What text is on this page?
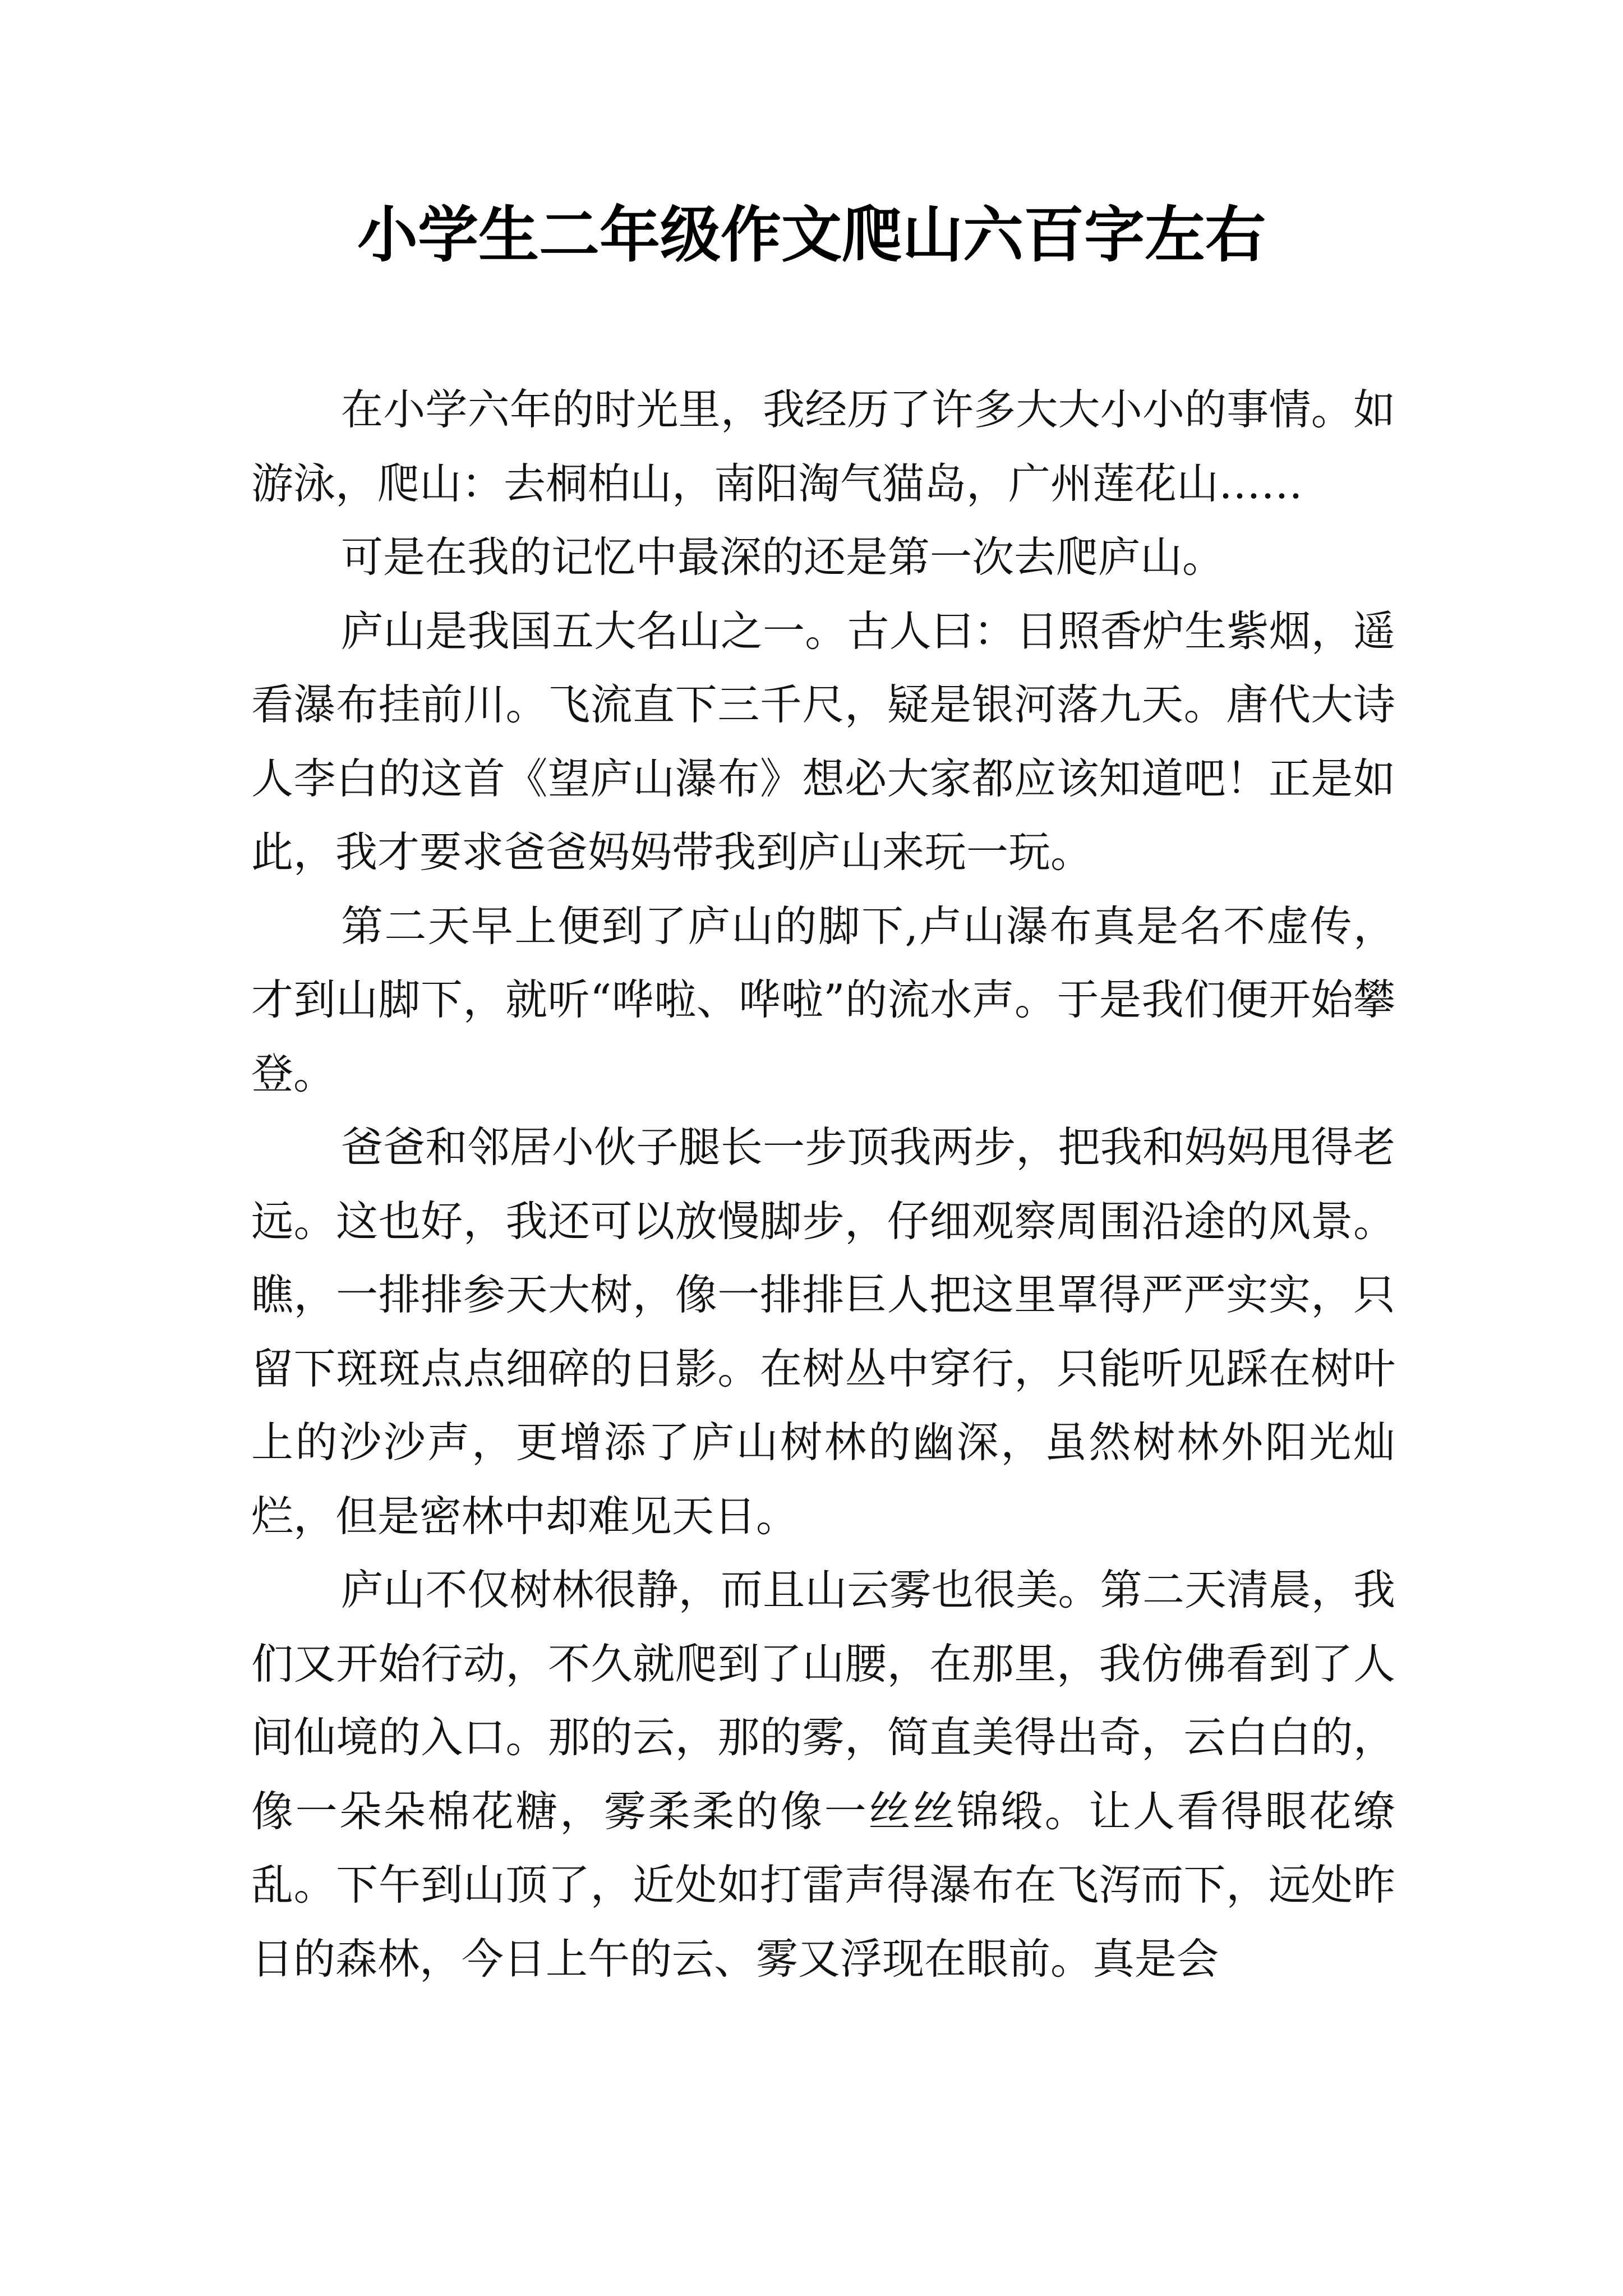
小学生二年级作文爬山六百字左右

在小学六年的时光里，我经历了许多大大小小的事情。如游泳，爬山：去桐柏山，南阳淘气猫岛，广州莲花山……

可是在我的记忆中最深的还是第一次去爬庐山。

庐山是我国五大名山之一。古人曰：日照香炉生紫烟，遥看瀑布挂前川。飞流直下三千尺，疑是银河落九天。唐代大诗人李白的这首《望庐山瀑布》想必大家都应该知道吧！正是如此，我才要求爸爸妈妈带我到庐山来玩一玩。

第二天早上便到了庐山的脚下,卢山瀑布真是名不虚传，才到山脚下，就听“哗啦、哗啦”的流水声。于是我们便开始攀登。

爸爸和邻居小伙子腿长一步顶我两步，把我和妈妈甩得老远。这也好，我还可以放慢脚步，仔细观察周围沿途的风景。瞧，一排排参天大树，像一排排巨人把这里罩得严严实实，只留下斑斑点点细碎的日影。在树丛中穿行，只能听见踩在树叶上的沙沙声，更增添了庐山树林的幽深，虽然树林外阳光灿烂，但是密林中却难见天日。

庐山不仅树林很静，而且山云雾也很美。第二天清晨，我们又开始行动，不久就爬到了山腰，在那里，我仿佛看到了人间仙境的入口。那的云，那的雾，简直美得出奇，云白白的，像一朵朵棉花糖，雾柔柔的像一丝丝锦缎。让人看得眼花缭乱。下午到山顶了，近处如打雷声得瀑布在飞泻而下，远处昨日的森林，今日上午的云、雾又浮现在眼前。真是会
